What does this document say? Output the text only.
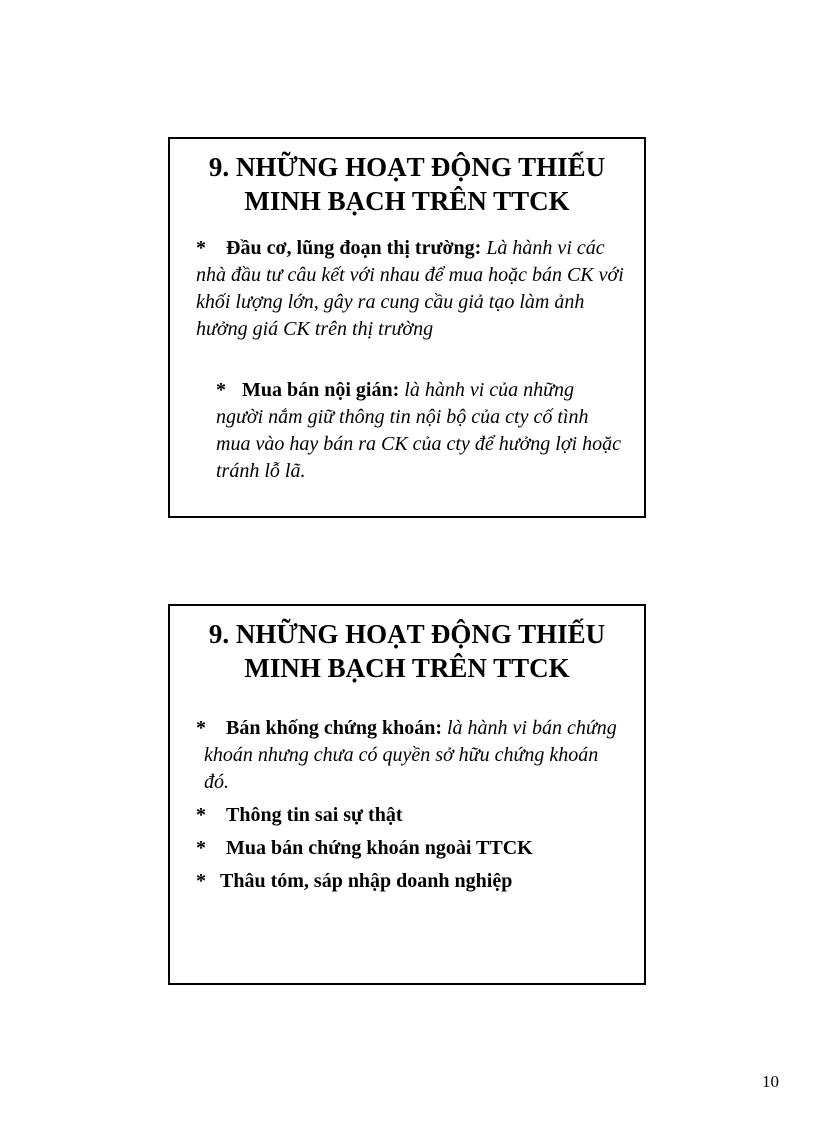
9. NHỮNG HOẠT ĐỘNG THIẾU
MINH BẠCH TRÊN TTCK
*	Đầu cơ, lũng đoạn thị trường: Là hành vi các nhà đầu tư câu kết với nhau để mua hoặc bán CK với khối lượng lớn, gây ra cung cầu giả tạo làm ảnh hưởng giá CK trên thị trường
* Mua bán nội gián: là hành vi của những người nắm giữ thông tin nội bộ của cty cố tình mua vào hay bán ra CK của cty để hưởng lợi hoặc tránh lỗ lã.
9. NHỮNG HOẠT ĐỘNG THIẾU
MINH BẠCH TRÊN TTCK
*	Bán khống chứng khoán: là hành vi bán chứng khoán nhưng chưa có quyền sở hữu chứng khoán đó.
*	Thông tin sai sự thật
*	Mua bán chứng khoán ngoài TTCK
* Thâu tóm, sáp nhập doanh nghiệp
10
